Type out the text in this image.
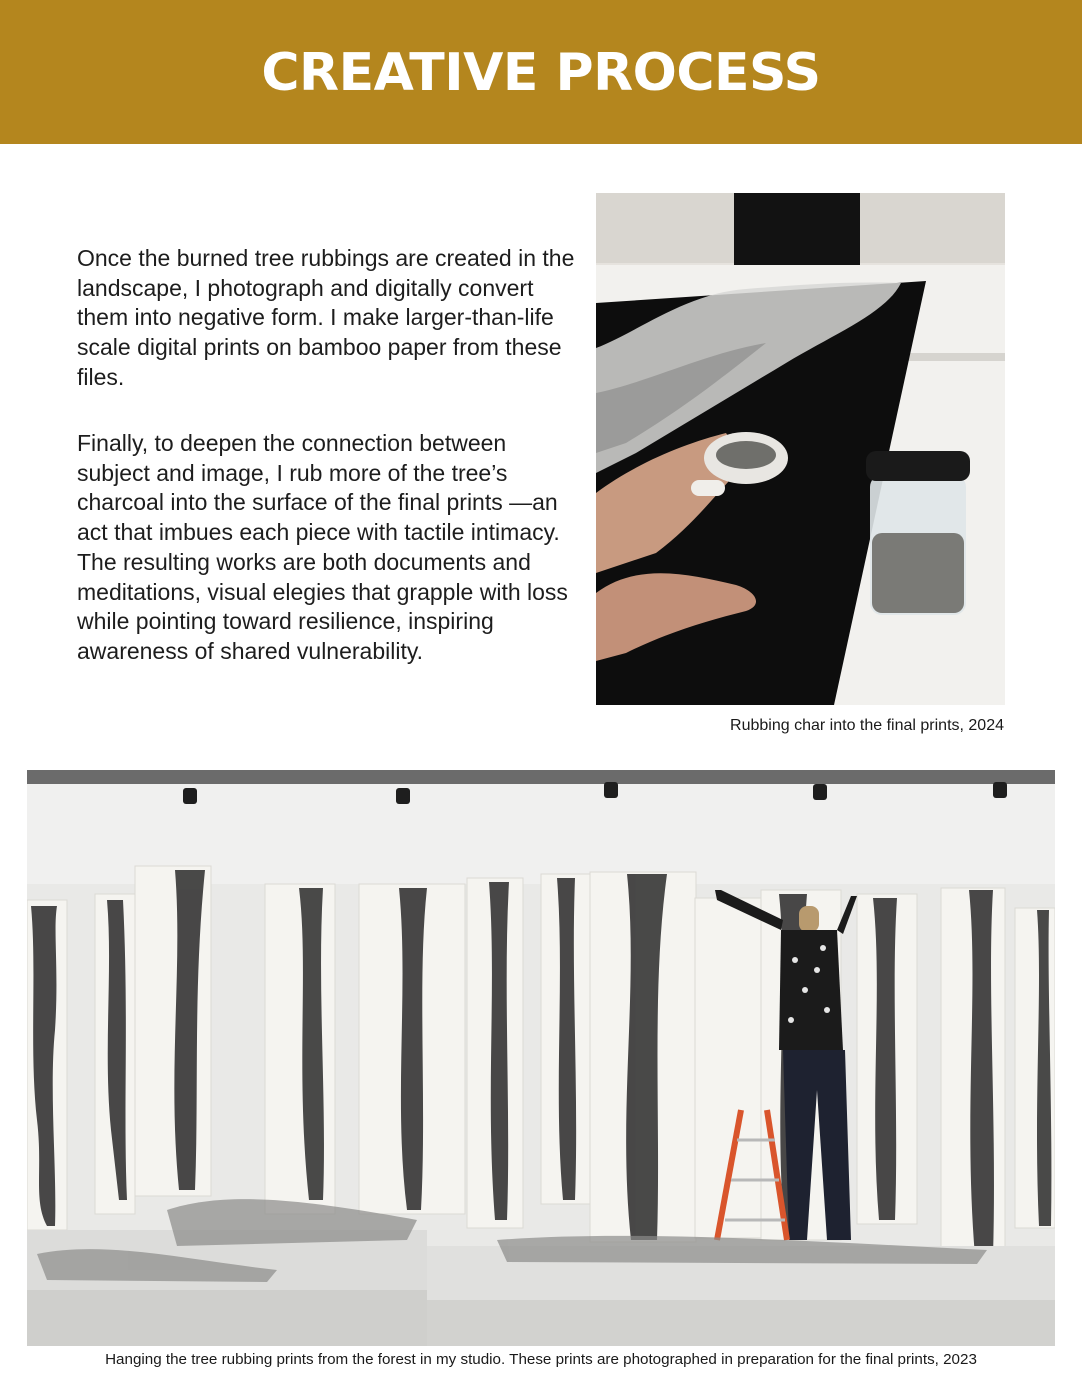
CREATIVE PROCESS

Once the burned tree rubbings are created in the landscape, I photograph and digitally convert them into negative form. I make larger-than-life scale digital prints on bamboo paper from these files.

Finally, to deepen the connection between subject and image, I rub more of the tree’s charcoal into the surface of the final prints —an act that imbues each piece with tactile intimacy. The resulting works are both documents and meditations, visual elegies that grapple with loss while pointing toward resilience, inspiring awareness of shared vulnerability.

Rubbing char into the final prints, 2024

Hanging the tree rubbing prints from the forest in my studio. These prints are photographed in preparation for the final prints, 2023
